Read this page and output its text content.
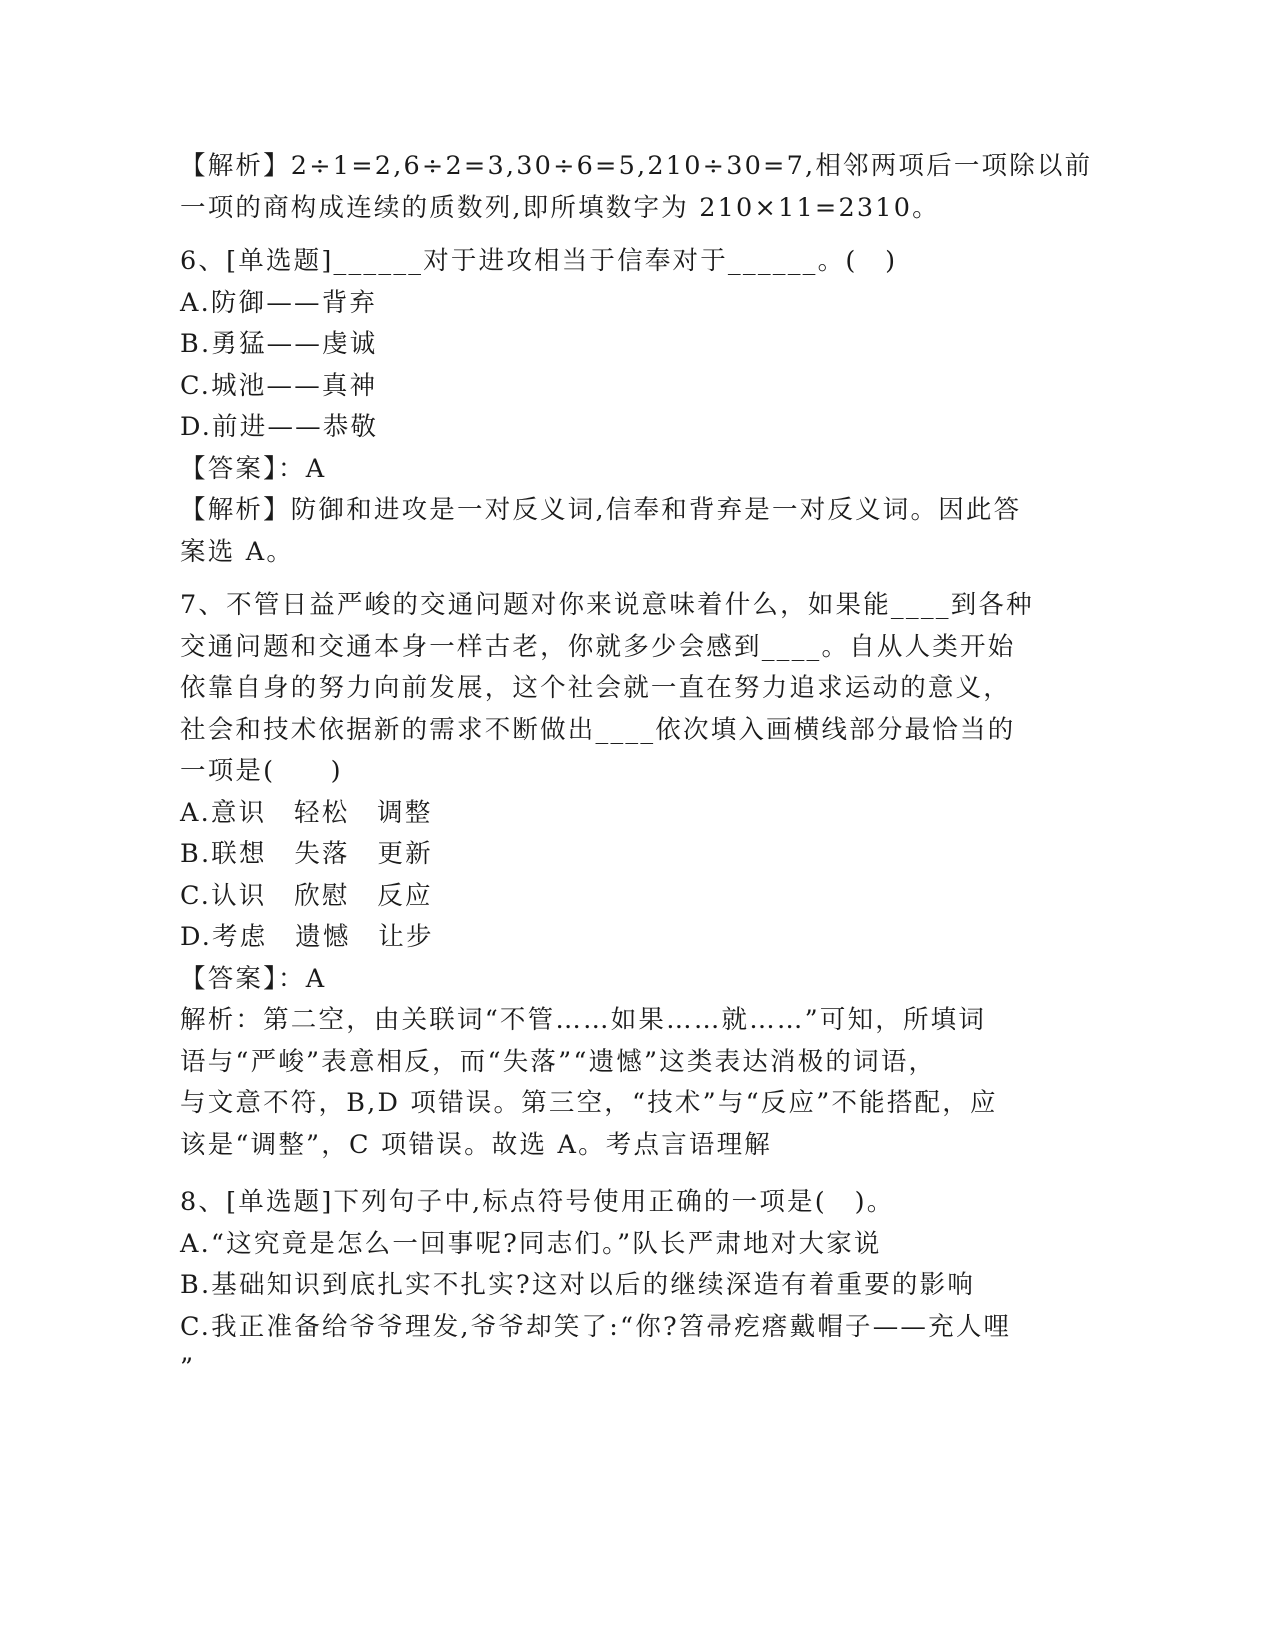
【解析】2÷1=2,6÷2=3,30÷6=5,210÷30=7,相邻两项后一项除以前
一项的商构成连续的质数列,即所填数字为 210×11=2310。
6、[单选题]______对于进攻相当于信奉对于______。(　)
A.防御——背弃
B.勇猛——虔诚
C.城池——真神
D.前进——恭敬
【答案】：A
【解析】防御和进攻是一对反义词,信奉和背弃是一对反义词。因此答
案选 A。
7、不管日益严峻的交通问题对你来说意味着什么，如果能____到各种
交通问题和交通本身一样古老，你就多少会感到____。自从人类开始
依靠自身的努力向前发展，这个社会就一直在努力追求运动的意义，
社会和技术依据新的需求不断做出____依次填入画横线部分最恰当的
一项是(　　)
A.意识　轻松　调整
B.联想　失落　更新
C.认识　欣慰　反应
D.考虑　遗憾　让步
【答案】：A
解析：第二空，由关联词“不管……如果……就……”可知，所填词
语与“严峻”表意相反，而“失落”“遗憾”这类表达消极的词语，
与文意不符，B,D 项错误。第三空，“技术”与“反应”不能搭配，应
该是“调整”，C 项错误。故选 A。考点言语理解
8、[单选题]下列句子中,标点符号使用正确的一项是(　)。
A.“这究竟是怎么一回事呢?同志们。”队长严肃地对大家说
B.基础知识到底扎实不扎实?这对以后的继续深造有着重要的影响
C.我正准备给爷爷理发,爷爷却笑了:“你?笤帚疙瘩戴帽子——充人哩
”
